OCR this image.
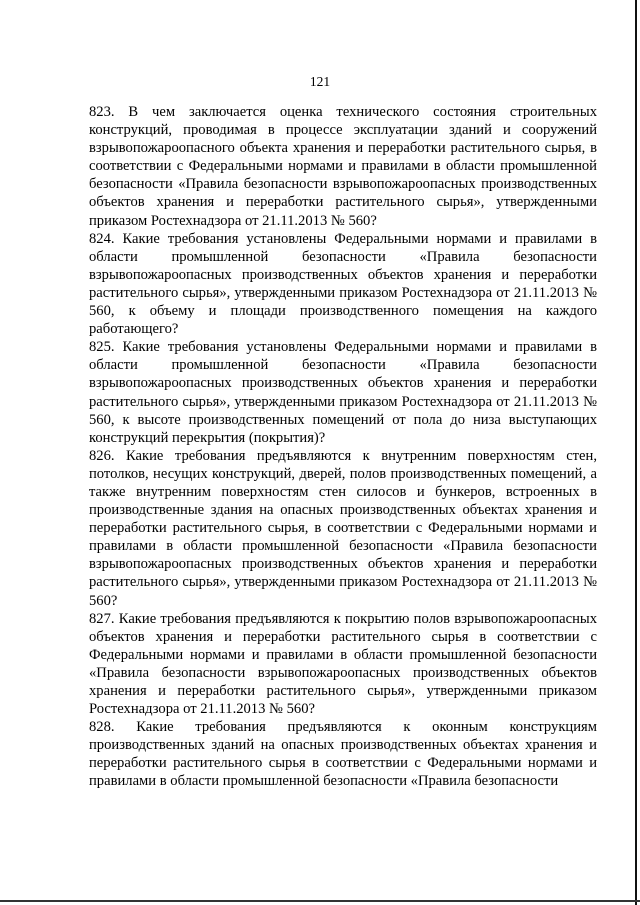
121

823. В чем заключается оценка технического состояния строительных конструкций, проводимая в процессе эксплуатации зданий и сооружений взрывопожароопасного объекта хранения и переработки растительного сырья, в соответствии с Федеральными нормами и правилами в области промышленной безопасности «Правила безопасности взрывопожароопасных производственных объектов хранения и переработки растительного сырья», утвержденными приказом Ростехнадзора от 21.11.2013 № 560?

824. Какие требования установлены Федеральными нормами и правилами в области промышленной безопасности «Правила безопасности взрывопожароопасных производственных объектов хранения и переработки растительного сырья», утвержденными приказом Ростехнадзора от 21.11.2013 № 560, к объему и площади производственного помещения на каждого работающего?

825. Какие требования установлены Федеральными нормами и правилами в области промышленной безопасности «Правила безопасности взрывопожароопасных производственных объектов хранения и переработки растительного сырья», утвержденными приказом Ростехнадзора от 21.11.2013 № 560, к высоте производственных помещений от пола до низа выступающих конструкций перекрытия (покрытия)?

826. Какие требования предъявляются к внутренним поверхностям стен, потолков, несущих конструкций, дверей, полов производственных помещений, а также внутренним поверхностям стен силосов и бункеров, встроенных в производственные здания на опасных производственных объектах хранения и переработки растительного сырья, в соответствии с Федеральными нормами и правилами в области промышленной безопасности «Правила безопасности взрывопожароопасных производственных объектов хранения и переработки растительного сырья», утвержденными приказом Ростехнадзора от 21.11.2013 № 560?

827. Какие требования предъявляются к покрытию полов взрывопожароопасных объектов хранения и переработки растительного сырья в соответствии с Федеральными нормами и правилами в области промышленной безопасности «Правила безопасности взрывопожароопасных производственных объектов хранения и переработки растительного сырья», утвержденными приказом Ростехнадзора от 21.11.2013 № 560?

828. Какие требования предъявляются к оконным конструкциям производственных зданий на опасных производственных объектах хранения и переработки растительного сырья в соответствии с Федеральными нормами и правилами в области промышленной безопасности «Правила безопасности
